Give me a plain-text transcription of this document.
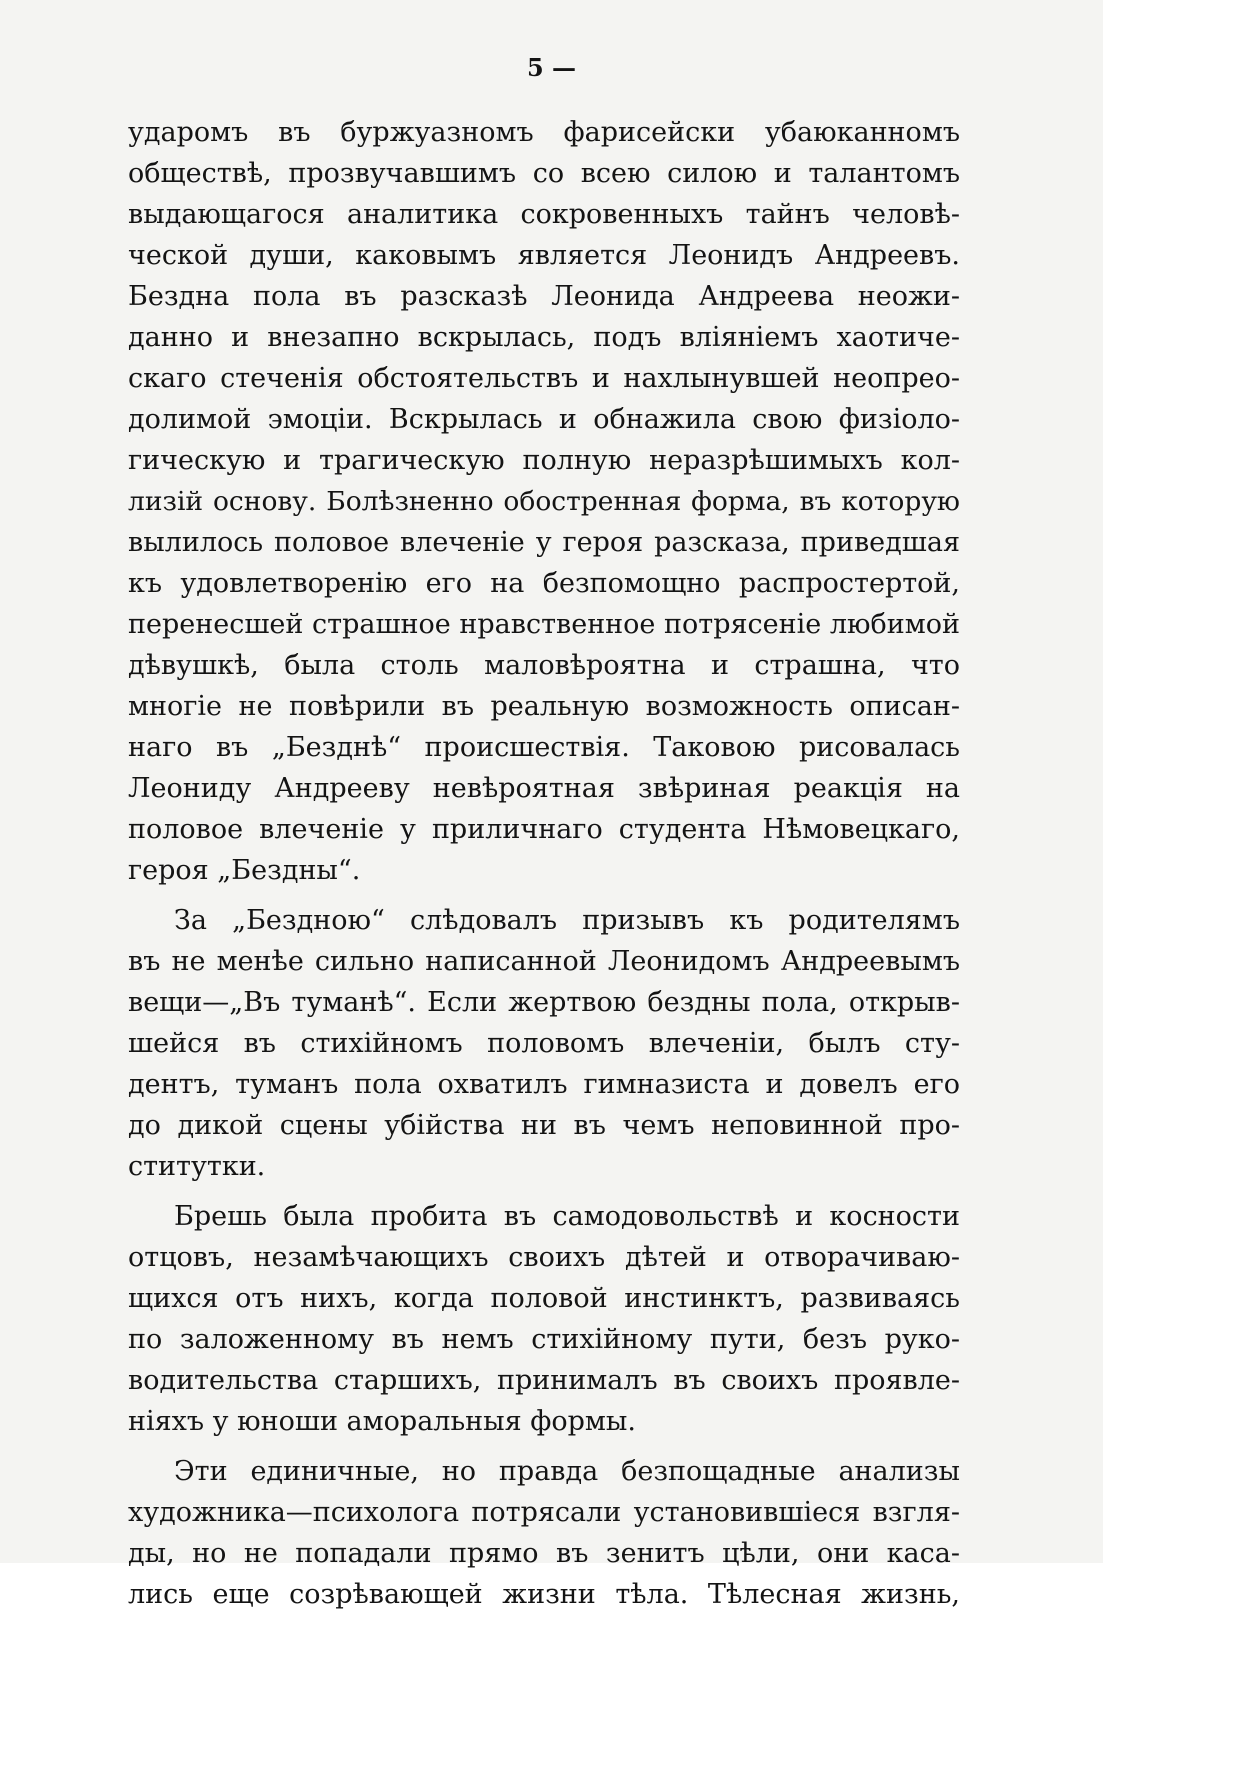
5 —
ударомъ въ буржуазномъ фарисейски убаюканномъ
обществѣ, прозвучавшимъ со всею силою и талантомъ
выдающагося аналитика сокровенныхъ тайнъ человѣ-
ческой души, каковымъ является Леонидъ Андреевъ.
Бездна пола въ разсказѣ Леонида Андреева неожи-
данно и внезапно вскрылась, подъ вліяніемъ хаотиче-
скаго стеченія обстоятельствъ и нахлынувшей неопрео-
долимой эмоціи. Вскрылась и обнажила свою физіоло-
гическую и трагическую полную неразрѣшимыхъ кол-
лизій основу. Болѣзненно обостренная форма, въ которую
вылилось половое влеченіе у героя разсказа, приведшая
къ удовлетворенію его на безпомощно распростертой,
перенесшей страшное нравственное потрясеніе любимой
дѣвушкѣ, была столь маловѣроятна и страшна, что
многіе не повѣрили въ реальную возможность описан-
наго въ „Безднѣ“ происшествія. Таковою рисовалась
Леониду Андрееву невѣроятная звѣриная реакція на
половое влеченіе у приличнаго студента Нѣмовецкаго,
героя „Бездны“.
За „Бездною“ слѣдовалъ призывъ къ родителямъ
въ не менѣе сильно написанной Леонидомъ Андреевымъ
вещи—„Въ туманѣ“. Если жертвою бездны пола, открыв-
шейся въ стихійномъ половомъ влеченіи, былъ сту-
дентъ, туманъ пола охватилъ гимназиста и довелъ его
до дикой сцены убійства ни въ чемъ неповинной про-
ститутки.
Брешь была пробита въ самодовольствѣ и косности
отцовъ, незамѣчающихъ своихъ дѣтей и отворачиваю-
щихся отъ нихъ, когда половой инстинктъ, развиваясь
по заложенному въ немъ стихійному пути, безъ руко-
водительства старшихъ, принималъ въ своихъ проявле-
ніяхъ у юноши аморальныя формы.
Эти единичные, но правда безпощадные анализы
художника—психолога потрясали установившіеся взгля-
ды, но не попадали прямо въ зенитъ цѣли, они каса-
лись еще созрѣвающей жизни тѣла. Тѣлесная жизнь,
